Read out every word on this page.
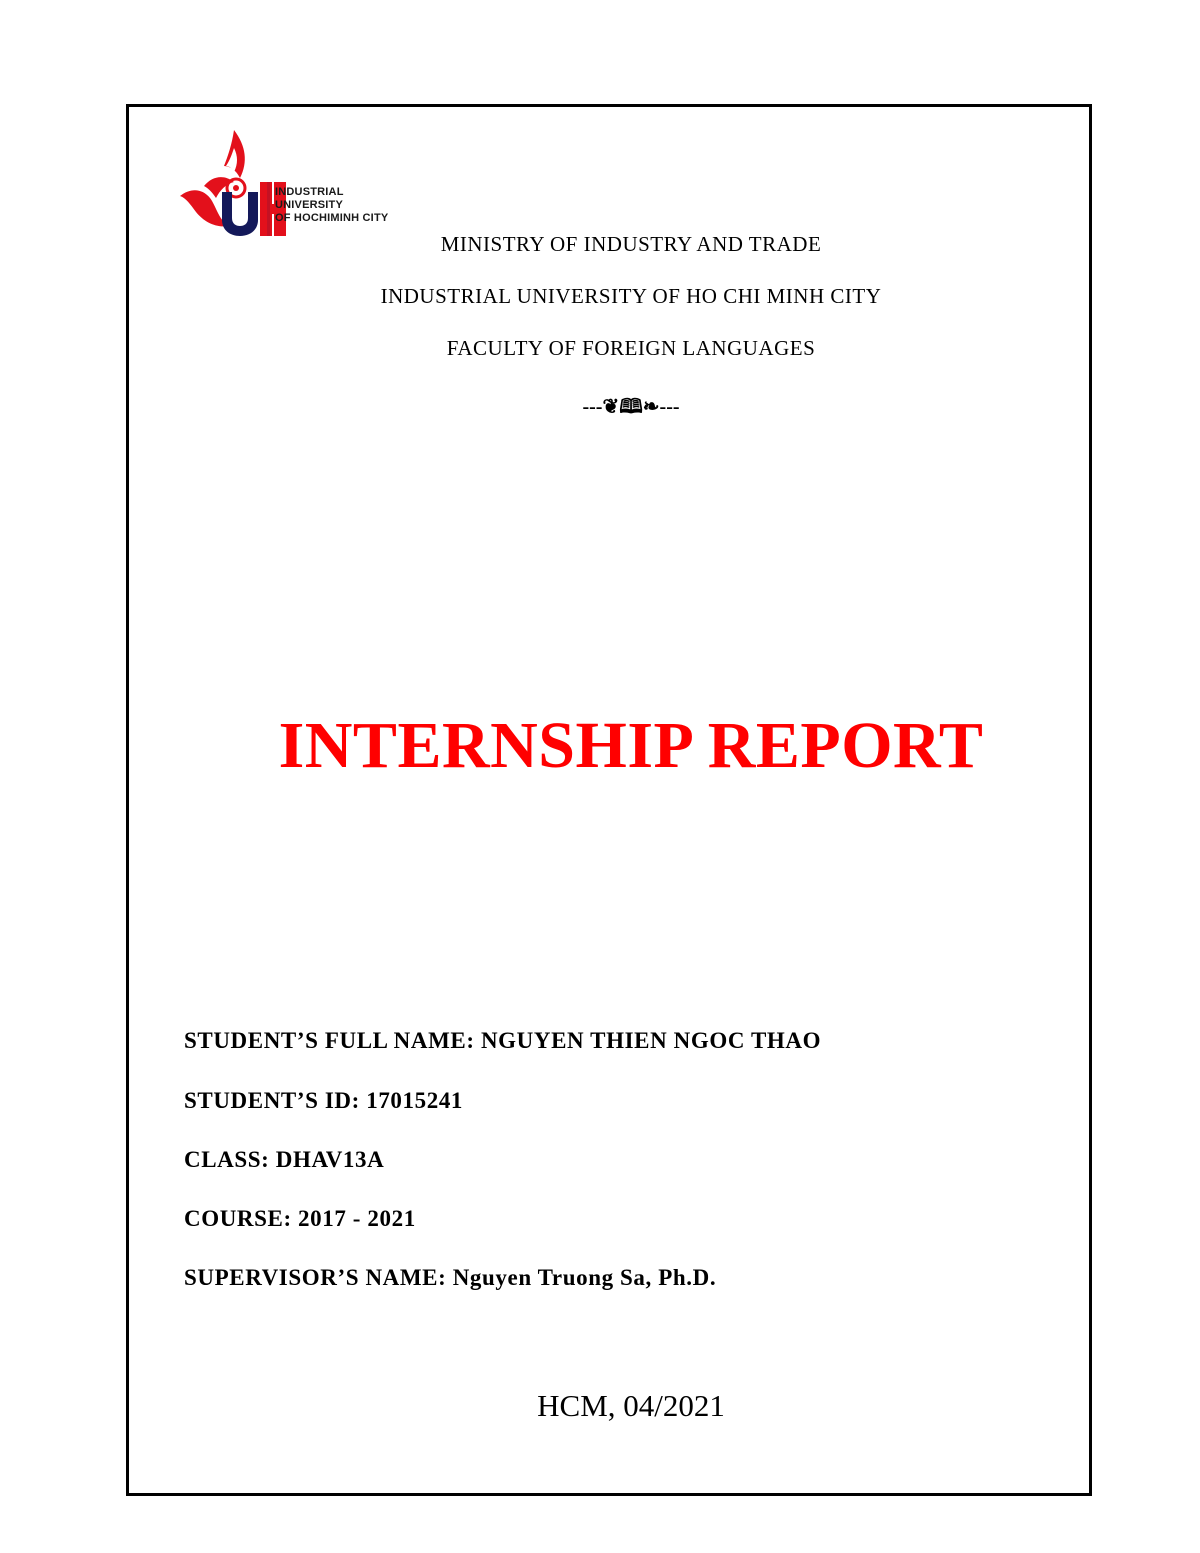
INDUSTRIAL
UNIVERSITY
OF HOCHIMINH CITY
MINISTRY OF INDUSTRY AND TRADE
INDUSTRIAL UNIVERSITY OF HO CHI MINH CITY
FACULTY OF FOREIGN LANGUAGES
---❦🕮❧---
INTERNSHIP REPORT
STUDENT’S FULL NAME: NGUYEN THIEN NGOC THAO
STUDENT’S ID: 17015241
CLASS: DHAV13A
COURSE: 2017 - 2021
SUPERVISOR’S NAME: Nguyen Truong Sa, Ph.D.
HCM, 04/2021
